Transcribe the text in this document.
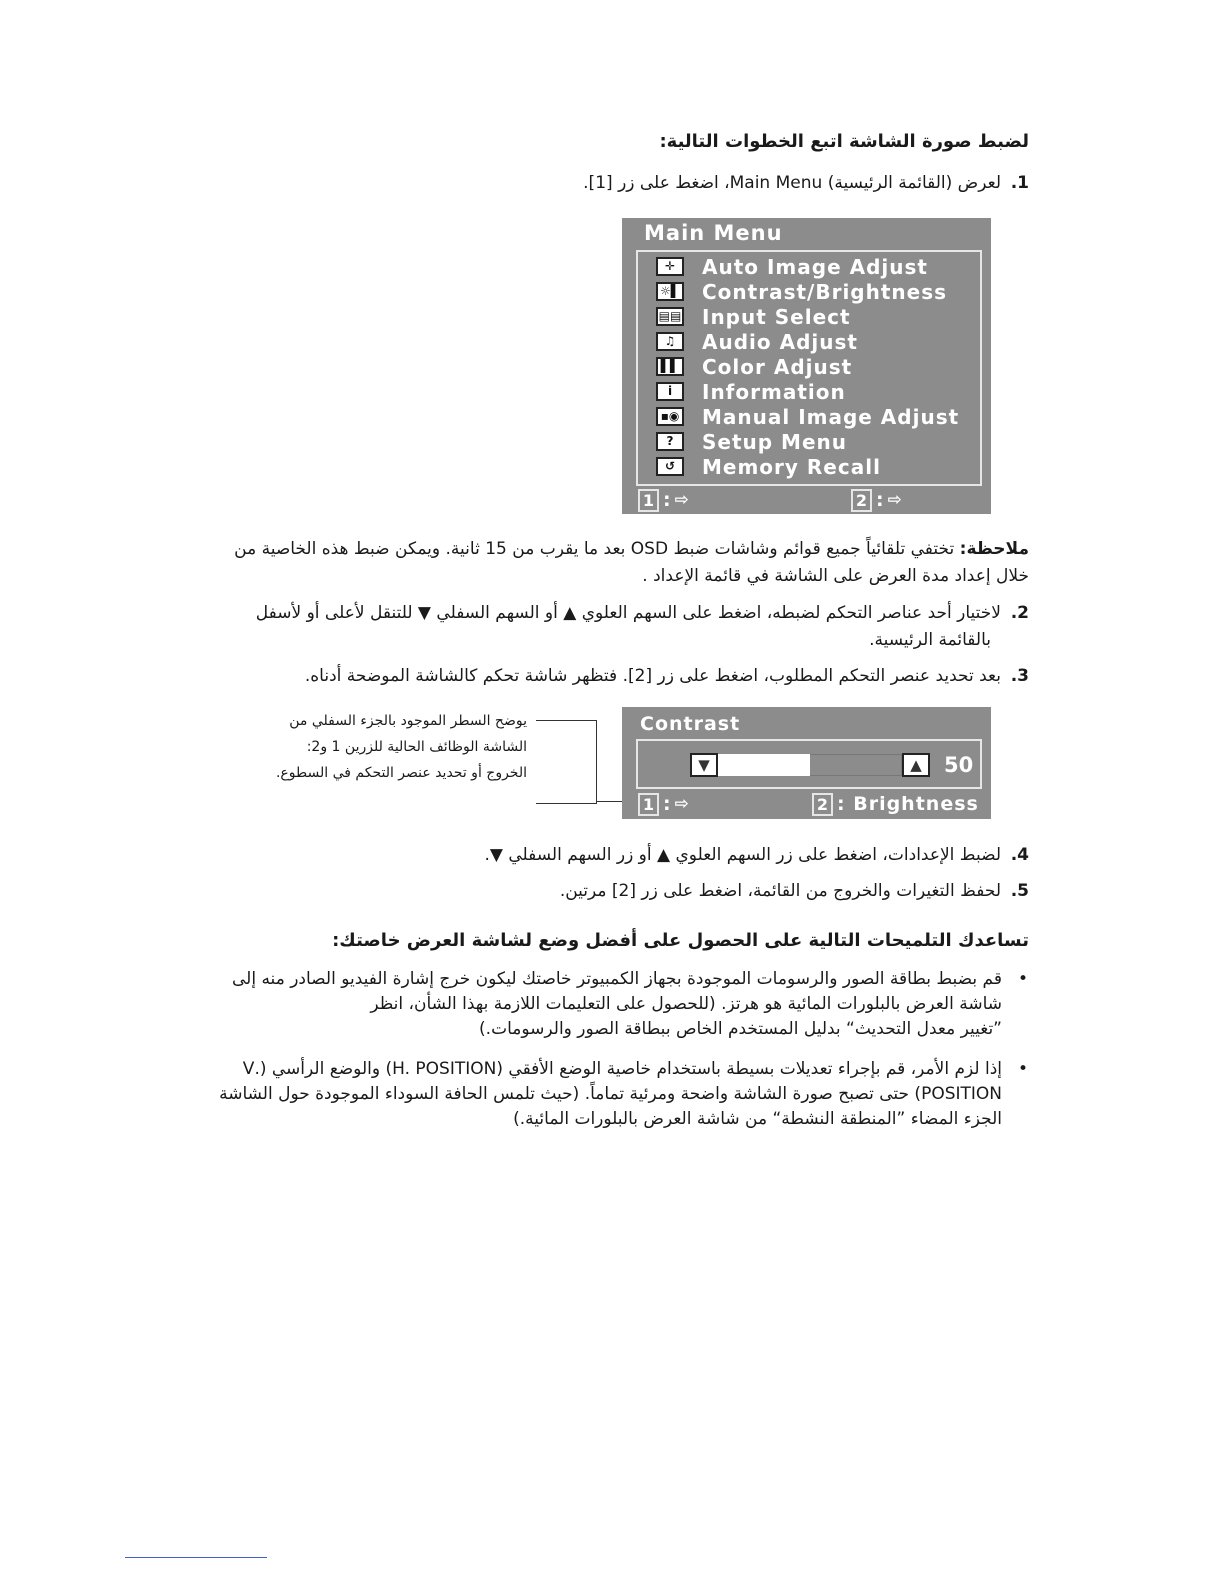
لضبط صورة الشاشة اتبع الخطوات التالية:
1.لعرض (القائمة الرئيسية) Main Menu، اضغط على زر [1].
Main Menu
✛	Auto Image Adjust
☼▌ Contrast/Brightness
▤▤ Input Select
♫	Audio Adjust
▌▌ Color Adjust
i	Information
▪◉ Manual Image Adjust
?	Setup Menu
↺	Memory Recall
1 : ⇨	2 : ⇨
ملاحظة: تختفي تلقائياً جميع قوائم وشاشات ضبط OSD بعد ما يقرب من 15 ثانية. ويمكن ضبط هذه الخاصية من
خلال إعداد مدة العرض على الشاشة في قائمة الإعداد .
2.لاختيار أحد عناصر التحكم لضبطه، اضغط على السهم العلوي ▲ أو السهم السفلي ▼ للتنقل لأعلى أو لأسفل
بالقائمة الرئيسية.
3.بعد تحديد عنصر التحكم المطلوب، اضغط على زر [2]. فتظهر شاشة تحكم كالشاشة الموضحة أدناه.
يوضح السطر الموجود بالجزء السفلي من
الشاشة الوظائف الحالية للزرين 1 و2:
الخروج أو تحديد عنصر التحكم في السطوع.
Contrast
▼	▲	50
1 : ⇨	2 : Brightness
4.لضبط الإعدادات، اضغط على زر السهم العلوي ▲ أو زر السهم السفلي ▼.
5.لحفظ التغيرات والخروج من القائمة، اضغط على زر [2] مرتين.
تساعدك التلميحات التالية على الحصول على أفضل وضع لشاشة العرض خاصتك:
•
قم بضبط بطاقة الصور والرسومات الموجودة بجهاز الكمبيوتر خاصتك ليكون خرج إشارة الفيديو الصادر منه إلى
شاشة العرض بالبلورات المائية هو هرتز. (للحصول على التعليمات اللازمة بهذا الشأن، انظر
”تغيير معدل التحديث“ بدليل المستخدم الخاص ببطاقة الصور والرسومات.)
•
إذا لزم الأمر، قم بإجراء تعديلات بسيطة باستخدام خاصية الوضع الأفقي (H. POSITION) والوضع الرأسي (.V
POSITION) حتى تصبح صورة الشاشة واضحة ومرئية تماماً. (حيث تلمس الحافة السوداء الموجودة حول الشاشة
الجزء المضاء ”المنطقة النشطة“ من شاشة العرض بالبلورات المائية.)
